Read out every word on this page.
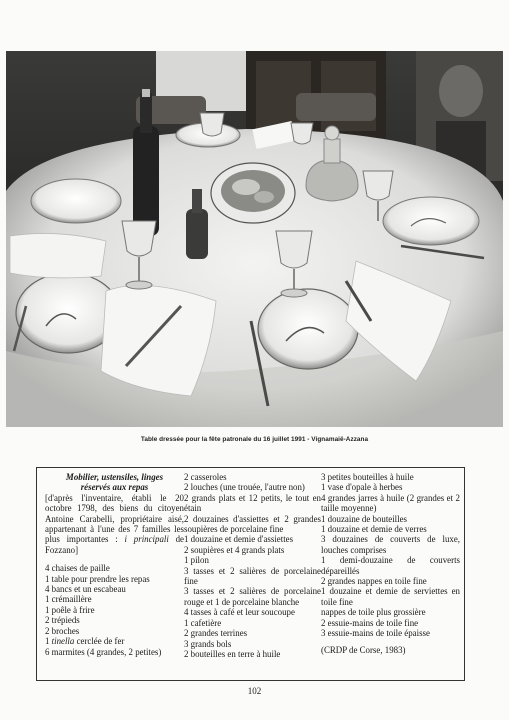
Table dressée pour la fête patronale du 16 juillet 1991 - Vignamaië-Azzana

Mobilier, ustensiles, linges

réservés aux repas

[d'après l'inventaire, établi le 20 octobre 1798, des biens du citoyen Antoine Carabelli, propriétaire aisé, appartenant à l'une des 7 familles les plus importantes : i principali de Fozzano]

4 chaises de paille

1 table pour prendre les repas

4 bancs et un escabeau

1 crémaillère

1 poêle à frire

2 trépieds

2 broches

1 tinella cerclée de fer

6 marmites (4 grandes, 2 petites)

2 casseroles

2 louches (une trouée, l'autre non)

2 grands plats et 12 petits, le tout en étain

2 douzaines d'assiettes et 2 grandes soupières de porcelaine fine

1 douzaine et demie d'assiettes

2 soupières et 4 grands plats

1 pilon

3 tasses et 2 salières de porcelaine fine

3 tasses et 2 salières de porcelaine rouge et 1 de porcelaine blanche

4 tasses à café et leur soucoupe

1 cafetière

2 grandes terrines

3 grands bols

2 bouteilles en terre à huile

3 petites bouteilles à huile

1 vase d'opale à herbes

4 grandes jarres à huile (2 grandes et 2 taille moyenne)

1 douzaine de bouteilles

1 douzaine et demie de verres

3 douzaines de couverts de luxe, louches comprises

1 demi-douzaine de couverts dépareillés

2 grandes nappes en toile fine

1 douzaine et demie de serviettes en toile fine

nappes de toile plus grossière

2 essuie-mains de toile fine

3 essuie-mains de toile épaisse

(CRDP de Corse, 1983)

102
